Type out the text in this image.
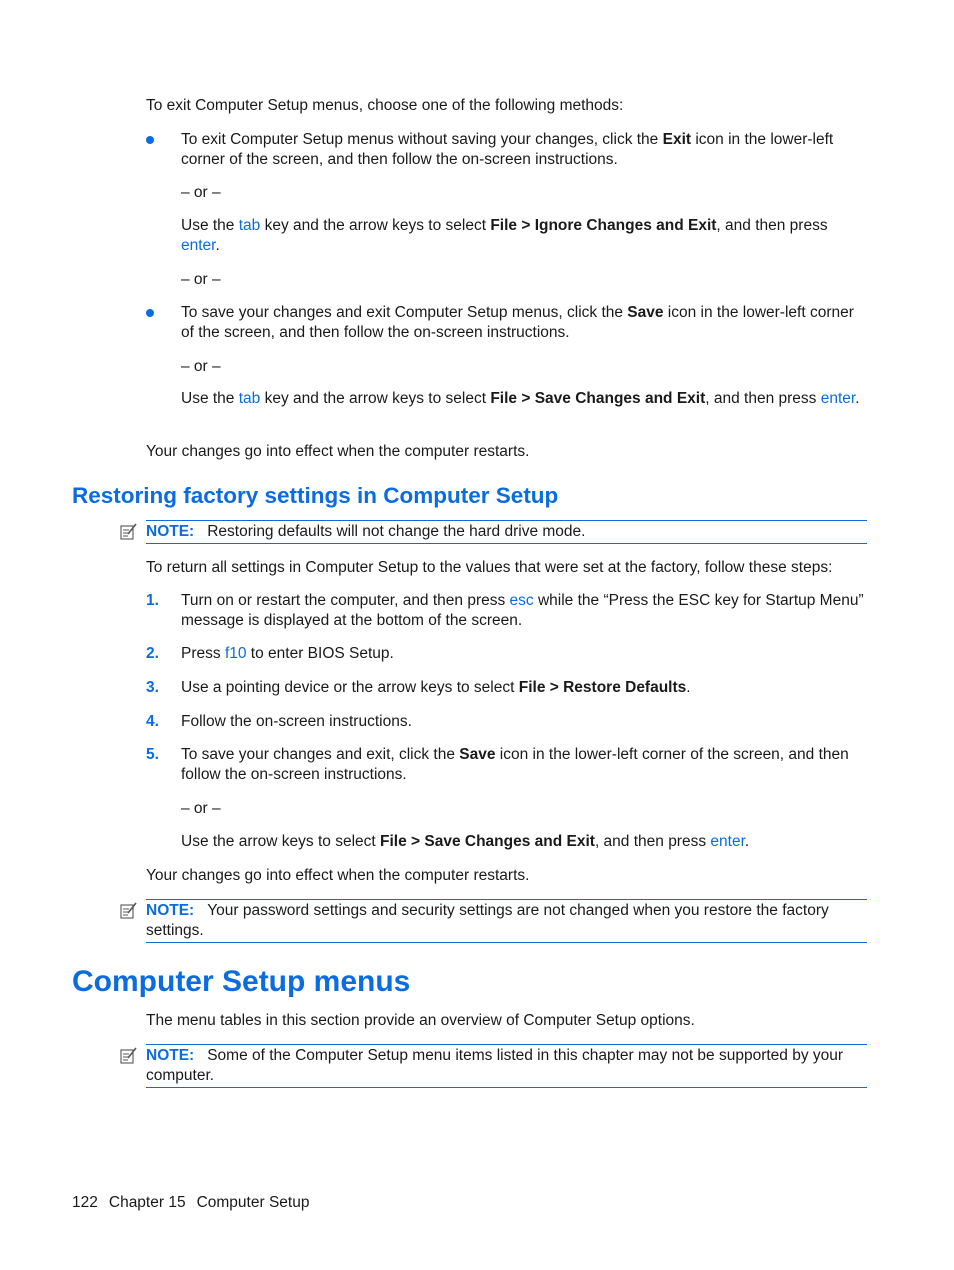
To exit Computer Setup menus, choose one of the following methods:
To exit Computer Setup menus without saving your changes, click the Exit icon in the lower-left corner of the screen, and then follow the on-screen instructions.
– or –
Use the tab key and the arrow keys to select File > Ignore Changes and Exit, and then press enter.
– or –
To save your changes and exit Computer Setup menus, click the Save icon in the lower-left corner of the screen, and then follow the on-screen instructions.
– or –
Use the tab key and the arrow keys to select File > Save Changes and Exit, and then press enter.
Your changes go into effect when the computer restarts.
Restoring factory settings in Computer Setup
NOTE: Restoring defaults will not change the hard drive mode.
To return all settings in Computer Setup to the values that were set at the factory, follow these steps:
1. Turn on or restart the computer, and then press esc while the “Press the ESC key for Startup Menu” message is displayed at the bottom of the screen.
2. Press f10 to enter BIOS Setup.
3. Use a pointing device or the arrow keys to select File > Restore Defaults.
4. Follow the on-screen instructions.
5. To save your changes and exit, click the Save icon in the lower-left corner of the screen, and then follow the on-screen instructions.
– or –
Use the arrow keys to select File > Save Changes and Exit, and then press enter.
Your changes go into effect when the computer restarts.
NOTE: Your password settings and security settings are not changed when you restore the factory settings.
Computer Setup menus
The menu tables in this section provide an overview of Computer Setup options.
NOTE: Some of the Computer Setup menu items listed in this chapter may not be supported by your computer.
122 Chapter 15 Computer Setup
